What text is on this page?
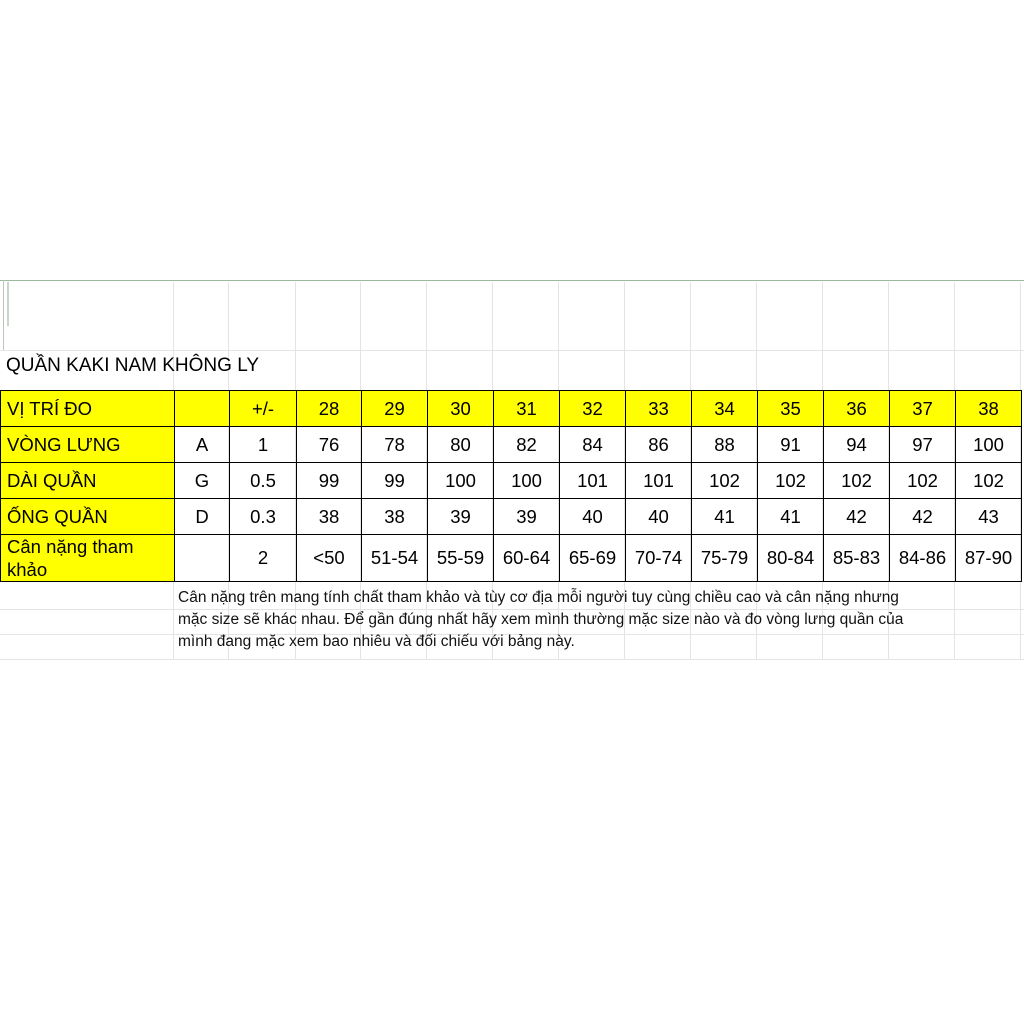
QUẦN KAKI NAM KHÔNG LY
VỊ TRÍ ĐO		+/-	28	29	30	31	32	33	34	35	36	37	38
VÒNG LƯNG	A	1	76	78	80	82	84	86	88	91	94	97	100
DÀI QUẦN	G	0.5	99	99	100	100	101	101	102	102	102	102	102
ỐNG QUẦN	D	0.3	38	38	39	39	40	40	41	41	42	42	43
Cân nặng tham khảo		2	<50	51-54	55-59	60-64	65-69	70-74	75-79	80-84	85-83	84-86	87-90
Cân nặng trên mang tính chất tham khảo và tùy cơ địa mỗi người tuy cùng chiều cao và cân nặng nhưng
mặc size sẽ khác nhau. Để gần đúng nhất hãy xem mình thường mặc size nào và đo vòng lưng quần của
mình đang mặc xem bao nhiêu và đối chiếu với bảng này.
